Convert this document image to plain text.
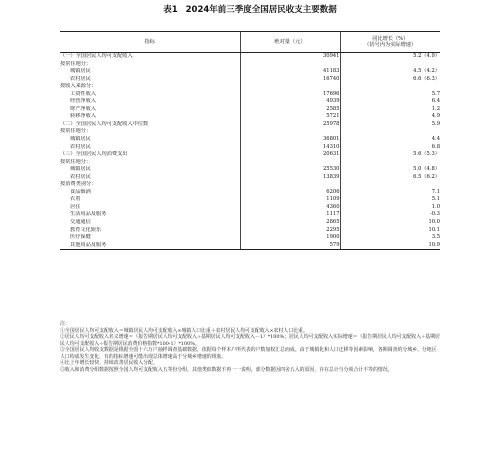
表1 2024年前三季度全国居民收支主要数据
指标	绝对量（元）	同比增长（%）
（括号内为实际增速）

（一）全国居民人均可支配收入	30941	5.2（4.9）
按常住地分：		
城镇居民	41183	4.5（4.2）
农村居民	16740	6.6（6.3）
按收入来源分：		
工资性收入	17696	5.7
经营净收入	4939	6.4
财产净收入	2585	1.2
转移净收入	5721	4.9
（二）全国居民人均可支配收入中位数	25978	5.9
按常住地分：		
城镇居民	36801	4.4
农村居民	14310	6.8
（三）全国居民人均消费支出	20631	5.6（5.3）
按常住地分：		
城镇居民	25530	5.0（4.8）
农村居民	13839	6.5（6.2）
按消费类别分：		
食品烟酒	6206	7.1
衣着	1109	5.1
居住	4360	1.0
生活用品及服务	1117	-0.3
交通通信	2865	10.0
教育文化娱乐	2295	10.1
医疗保健	1900	3.5
其他用品及服务	579	10.9
注：
①全国居民人均可支配收入＝城镇居民人均可支配收入×城镇人口比重＋农村居民人均可支配收入×农村人口比重。
②居民人均可支配收入名义增速＝（报告期居民人均可支配收入÷基期居民人均可支配收入－1）*100%；居民人均可支配收入实际增速＝（报告期居民人均可支配收入÷基期居民人均可支配收入÷报告期居民消费价格指数*100-1）*100%。
③全国居民人均收支数据是根据全国十六万户抽样调查基础数据，依据每个样本户所代表的户数加权汇总而成。由于城镇化和人口迁移等因素影响，各期调查的分城乡、分地区人口构成发生变化，有的指标增速可能出现总体增速高于分城乡增速的现象。
④比上年增长较快，持续改善居民收入分配。
⑤收入和消费分组数据按照全国人均可支配收入五等份分组，其他类似数据不再一一说明，部分数据因四舍五入的原因，存在总计与分项合计不等的情况。
